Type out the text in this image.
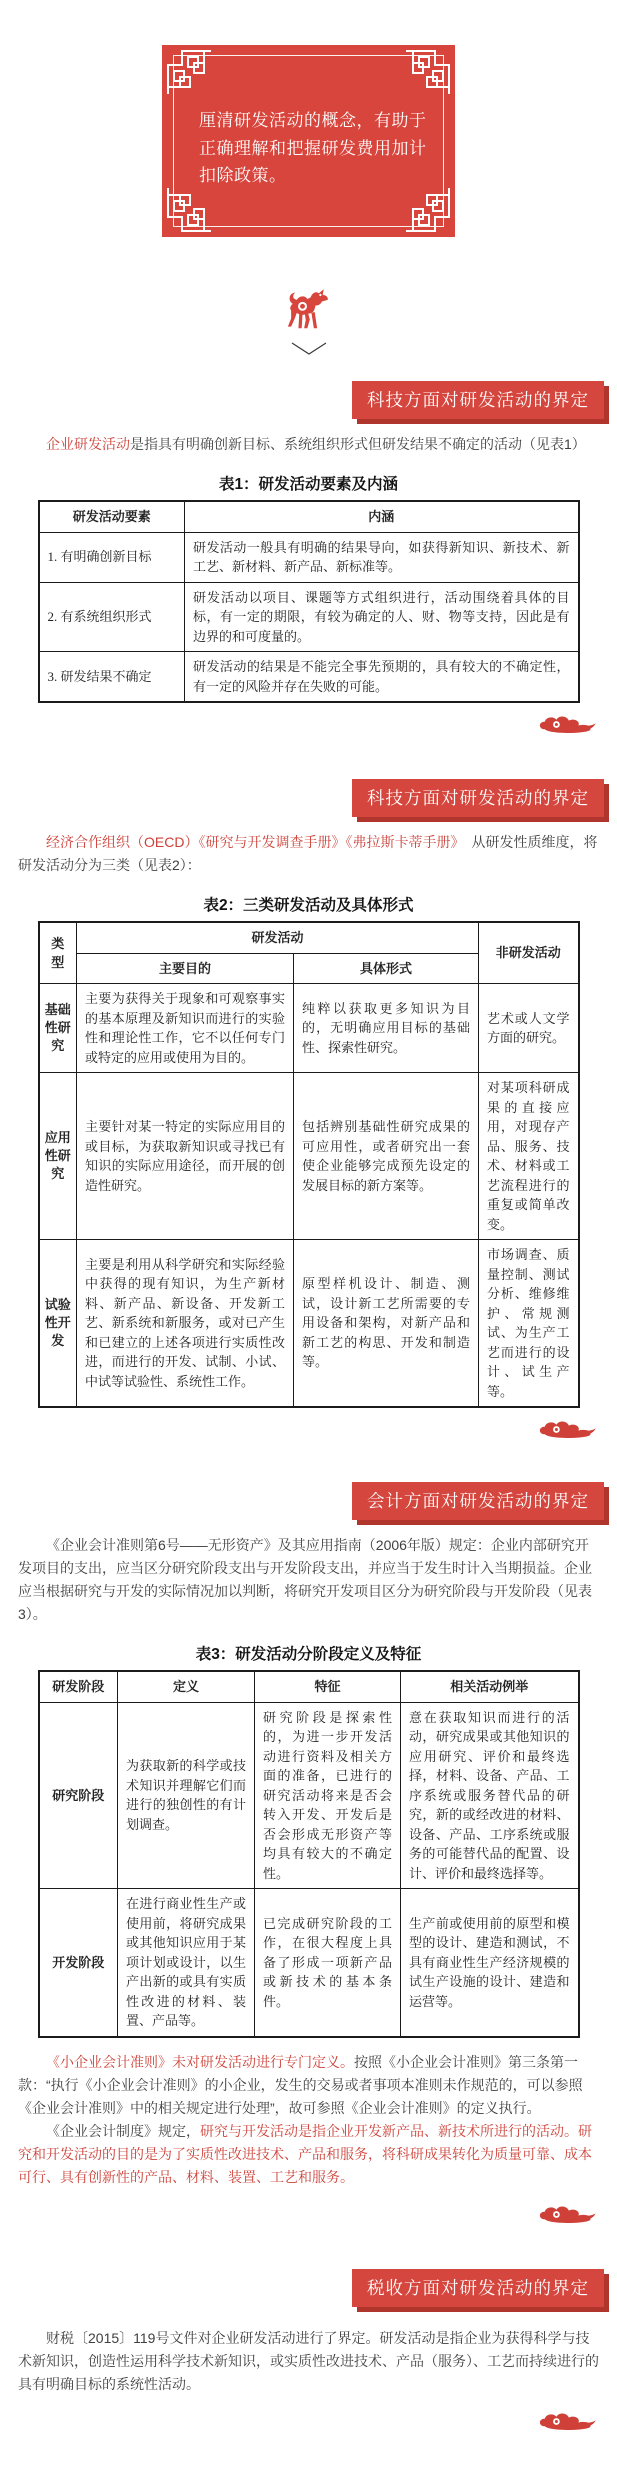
厘清研发活动的概念，有助于正确理解和把握研发费用加计扣除政策。

科技方面对研发活动的界定

企业研发活动是指具有明确创新目标、系统组织形式但研发结果不确定的活动（见表1）

表1：研发活动要素及内涵
研发活动要素	内涵
1. 有明确创新目标	研发活动一般具有明确的结果导向，如获得新知识、新技术、新工艺、新材料、新产品、新标准等。
2. 有系统组织形式	研发活动以项目、课题等方式组织进行，活动围绕着具体的目标，有一定的期限，有较为确定的人、财、物等支持，因此是有边界的和可度量的。
3. 研发结果不确定	研发活动的结果是不能完全事先预期的，具有较大的不确定性，有一定的风险并存在失败的可能。
科技方面对研发活动的界定

经济合作组织（OECD）《研究与开发调查手册》《弗拉斯卡蒂手册》　从研发性质维度，将研发活动分为三类（见表2）：

表2：三类研发活动及具体形式
类型	研发活动		非研发活动
	主要目的	具体形式	
基础性研究	主要为获得关于现象和可观察事实的基本原理及新知识而进行的实验性和理论性工作，它不以任何专门或特定的应用或使用为目的。	纯粹以获取更多知识为目的，无明确应用目标的基础性、探索性研究。	艺术或人文学方面的研究。
应用性研究	主要针对某一特定的实际应用目的或目标，为获取新知识或寻找已有知识的实际应用途径，而开展的创造性研究。	包括辨别基础性研究成果的可应用性，或者研究出一套使企业能够完成预先设定的发展目标的新方案等。	对某项科研成果的直接应用，对现存产品、服务、技术、材料或工艺流程进行的重复或简单改变。
试验性开发	主要是利用从科学研究和实际经验中获得的现有知识，为生产新材料、新产品、新设备、开发新工艺、新系统和新服务，或对已产生和已建立的上述各项进行实质性改进，而进行的开发、试制、小试、中试等试验性、系统性工作。	原型样机设计、制造、测试，设计新工艺所需要的专用设备和架构，对新产品和新工艺的构思、开发和制造等。	市场调查、质量控制、测试分析、维修维护、常规测试、为生产工艺而进行的设计、试生产等。
会计方面对研发活动的界定

《企业会计准则第6号——无形资产》及其应用指南（2006年版）规定：企业内部研究开发项目的支出，应当区分研究阶段支出与开发阶段支出，并应当于发生时计入当期损益。企业应当根据研究与开发的实际情况加以判断，将研究开发项目区分为研究阶段与开发阶段（见表3）。

表3：研发活动分阶段定义及特征
研发阶段	定义	特征	相关活动例举
研究阶段	为获取新的科学或技术知识并理解它们而进行的独创性的有计划调查。	研究阶段是探索性的，为进一步开发活动进行资料及相关方面的准备，已进行的研究活动将来是否会转入开发、开发后是否会形成无形资产等均具有较大的不确定性。	意在获取知识而进行的活动，研究成果或其他知识的应用研究、评价和最终选择，材料、设备、产品、工序系统或服务替代品的研究，新的或经改进的材料、设备、产品、工序系统或服务的可能替代品的配置、设计、评价和最终选择等。
开发阶段	在进行商业性生产或使用前，将研究成果或其他知识应用于某项计划或设计，以生产出新的或具有实质性改进的材料、装置、产品等。	已完成研究阶段的工作，在很大程度上具备了形成一项新产品或新技术的基本条件。	生产前或使用前的原型和模型的设计、建造和测试，不具有商业性生产经济规模的试生产设施的设计、建造和运营等。

《小企业会计准则》未对研发活动进行专门定义。按照《小企业会计准则》第三条第一款：“执行《小企业会计准则》的小企业，发生的交易或者事项本准则未作规范的，可以参照《企业会计准则》中的相关规定进行处理”，故可参照《企业会计准则》的定义执行。

《企业会计制度》规定，研究与开发活动是指企业开发新产品、新技术所进行的活动。研究和开发活动的目的是为了实质性改进技术、产品和服务，将科研成果转化为质量可靠、成本可行、具有创新性的产品、材料、装置、工艺和服务。

税收方面对研发活动的界定

财税〔2015〕119号文件对企业研发活动进行了界定。研发活动是指企业为获得科学与技术新知识，创造性运用科学技术新知识，或实质性改进技术、产品（服务）、工艺而持续进行的具有明确目标的系统性活动。
